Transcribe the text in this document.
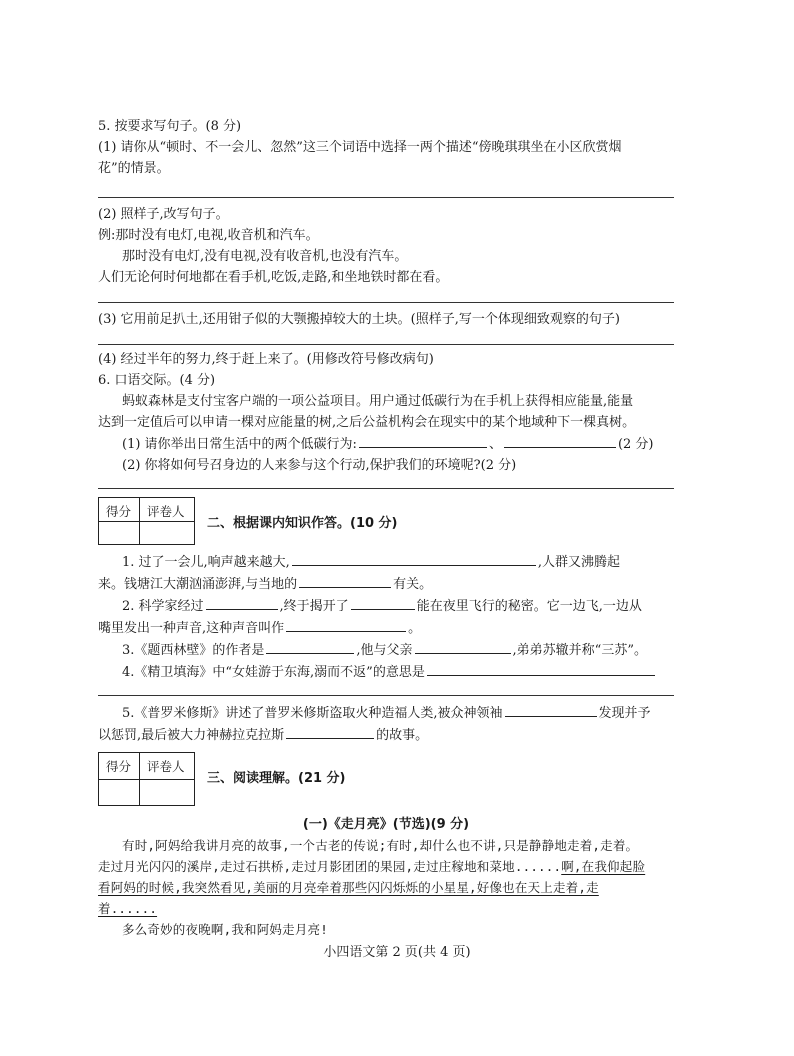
5. 按要求写句子。(8 分)
(1) 请你从“顿时、不一会儿、忽然”这三个词语中选择一两个描述“傍晚琪琪坐在小区欣赏烟
花”的情景。
(2) 照样子,改写句子。
例:那时没有电灯,电视,收音机和汽车。
那时没有电灯,没有电视,没有收音机,也没有汽车。
人们无论何时何地都在看手机,吃饭,走路,和坐地铁时都在看。
(3) 它用前足扒土,还用钳子似的大颚搬掉较大的土块。(照样子,写一个体现细致观察的句子)
(4) 经过半年的努力,终于赶上来了。(用修改符号修改病句)
6. 口语交际。(4 分)
蚂蚁森林是支付宝客户端的一项公益项目。用户通过低碳行为在手机上获得相应能量,能量
达到一定值后可以申请一棵对应能量的树,之后公益机构会在现实中的某个地域种下一棵真树。
(1) 请你举出日常生活中的两个低碳行为:	、	(2 分)
(2) 你将如何号召身边的人来参与这个行动,保护我们的环境呢?(2 分)
得分 评卷人
二、根据课内知识作答。(10 分)
1. 过了一会儿,响声越来越大,	,人群又沸腾起
来。钱塘江大潮汹涌澎湃,与当地的	有关。
2. 科学家经过	,终于揭开了	能在夜里飞行的秘密。它一边飞,一边从
嘴里发出一种声音,这种声音叫作	。
3.《题西林壁》的作者是	,他与父亲	,弟弟苏辙并称“三苏”。
4.《精卫填海》中“女娃游于东海,溺而不返”的意思是
5.《普罗米修斯》讲述了普罗米修斯盗取火种造福人类,被众神领袖	发现并予
以惩罚,最后被大力神赫拉克拉斯	的故事。
得分 评卷人
三、阅读理解。(21 分)
(一)《走月亮》(节选)(9 分)
有时,阿妈给我讲月亮的故事,一个古老的传说;有时,却什么也不讲,只是静静地走着,走着。
走过月光闪闪的溪岸,走过石拱桥,走过月影团团的果园,走过庄稼地和菜地......啊,在我仰起脸
看阿妈的时候,我突然看见,美丽的月亮牵着那些闪闪烁烁的小星星,好像也在天上走着,走
着......
多么奇妙的夜晚啊,我和阿妈走月亮!
小四语文第 2 页(共 4 页)
